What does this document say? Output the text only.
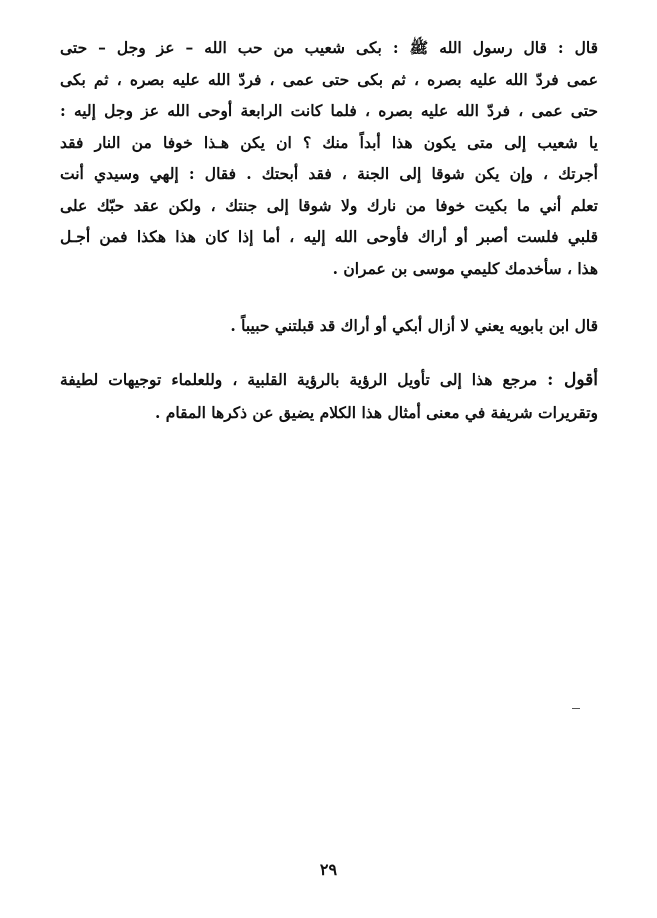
قال : قال رسول الله ﷺ : بكى شعيب من حب الله – عز وجل – حتى
عمى فردّ الله عليه بصره ، ثم بكى حتى عمى ، فردّ الله عليه بصره ، ثم بكى
حتى عمى ، فردّ الله عليه بصره ، فلما كانت الرابعة أوحى الله عز وجل إليه :
يا شعيب إلى متى يكون هذا أبداً منك ؟ ان يكن هـذا خوفا من النار فقد
أجرتك ، وإن يكن شوقا إلى الجنة ، فقد أبحتك . فقال : إلهي وسيدي أنت
تعلم أني ما بكيت خوفا من نارك ولا شوقا إلى جنتك ، ولكن عقد حبّك على
قلبي فلست أصبر أو أراك فأوحى الله إليه ، أما إذا كان هذا هكذا فمن أجـل
هذا ، سأخدمك كليمي موسى بن عمران .
قال ابن بابويه يعني لا أزال أبكي أو أراك قد قبلتني حبيباً .
أقول : مرجع هذا إلى تأويل الرؤية بالرؤية القلبية ، وللعلماء توجيهات لطيفة
وتقريرات شريفة في معنى أمثال هذا الكلام يضيق عن ذكرها المقام .
٢٩
